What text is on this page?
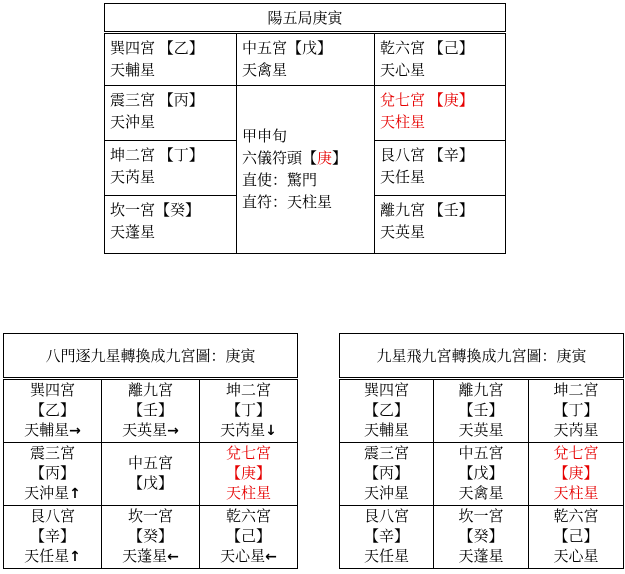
陽五局庚寅		

巽四宮 【乙】
天輔星

中五宮【戊】
天禽星

乾六宮 【己】
天心星

震三宮 【丙】
天沖星

甲申旬
六儀符頭【庚】
直使：驚門
直符：天柱星

兌七宮 【庚】
天柱星

坤二宮 【丁】
天芮星

艮八宮 【辛】
天任星

坎一宮【癸】
天蓬星

離九宮 【壬】
天英星
八門逐九星轉換成九宮圖：庚寅		

巽四宮
【乙】
天輔星→

離九宮
【壬】
天英星→

坤二宮
【丁】
天芮星↓

震三宮
【丙】
天沖星↑

中五宮
【戊】

兌七宮
【庚】
天柱星

艮八宮
【辛】
天任星↑

坎一宮
【癸】
天蓬星←

乾六宮
【己】
天心星←
九星飛九宮轉換成九宮圖：庚寅		

巽四宮
【乙】
天輔星

離九宮
【壬】
天英星

坤二宮
【丁】
天芮星

震三宮
【丙】
天沖星

中五宮
【戊】
天禽星

兌七宮
【庚】
天柱星

艮八宮
【辛】
天任星

坎一宮
【癸】
天蓬星

乾六宮
【己】
天心星
